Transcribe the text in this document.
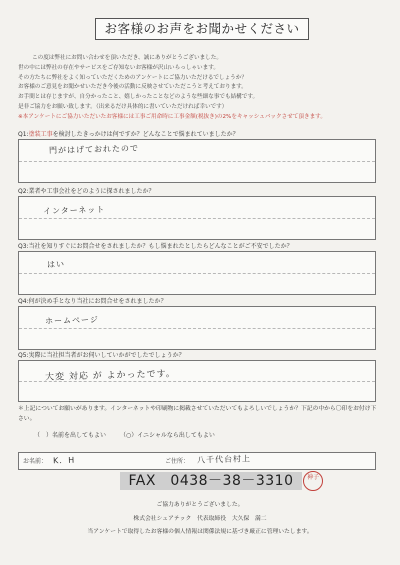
お客様のお声をお聞かせください
この度は弊社にお問い合わせを頂いただき、誠にありがとうございました。
世の中には弊社の存在やサービスをご存知ないお客様が沢山いらっしゃいます。
その方たちに弊社をよく知っていただくためのアンケートにご協力いただけるでしょうか？
お客様のご意見をお聞かせいただき今後の活動に反映させていただこうと考えております。
お手間とは存じますが、自分かったこと、嬉しかったことなどのような些細な事でも結構です。
是非ご協力をお願い致します。（出来るだけ具体的に書いていただければ幸いです）
※本アンケートにご協力いただいたお客様には工事ご用命時に工事金額(税抜き)の2%をキャッシュバックさせて頂きます。
Q1:塗装工事を検討したきっかけは何ですか？どんなことで悩まれていましたか？
門がはげておれたので
Q2:業者や工事会社をどのように探されましたか？
インターネット
Q3:当社を知りすぐにお問合せをされましたか？もし悩まれたとしたらどんなことがご不安でしたか？
はい
Q4:何が決め手となり当社にお問合せをされましたか？
ホームページ
Q5:実際に当社担当者がお伺いしていかがでしたでしょうか？
大変 対応 が よかったです。
＊上記についてお願いがあります。インターネットや印刷物に掲載させていただいてもよろしいでしょうか？下記の中から〇印をお付け下さい。
（　）名前を出してもよい （○）イニシャルなら出してもよい
お名前： K．H	ご住所： 八千代台村上
FAX　0438－38－3310	神子
ご協力ありがとうございました。
株式会社シェアテック　代表取締役　大久保　満二
当アンケートで取得したお客様の個人情報は関係法規に基づき厳正に管理いたします。
